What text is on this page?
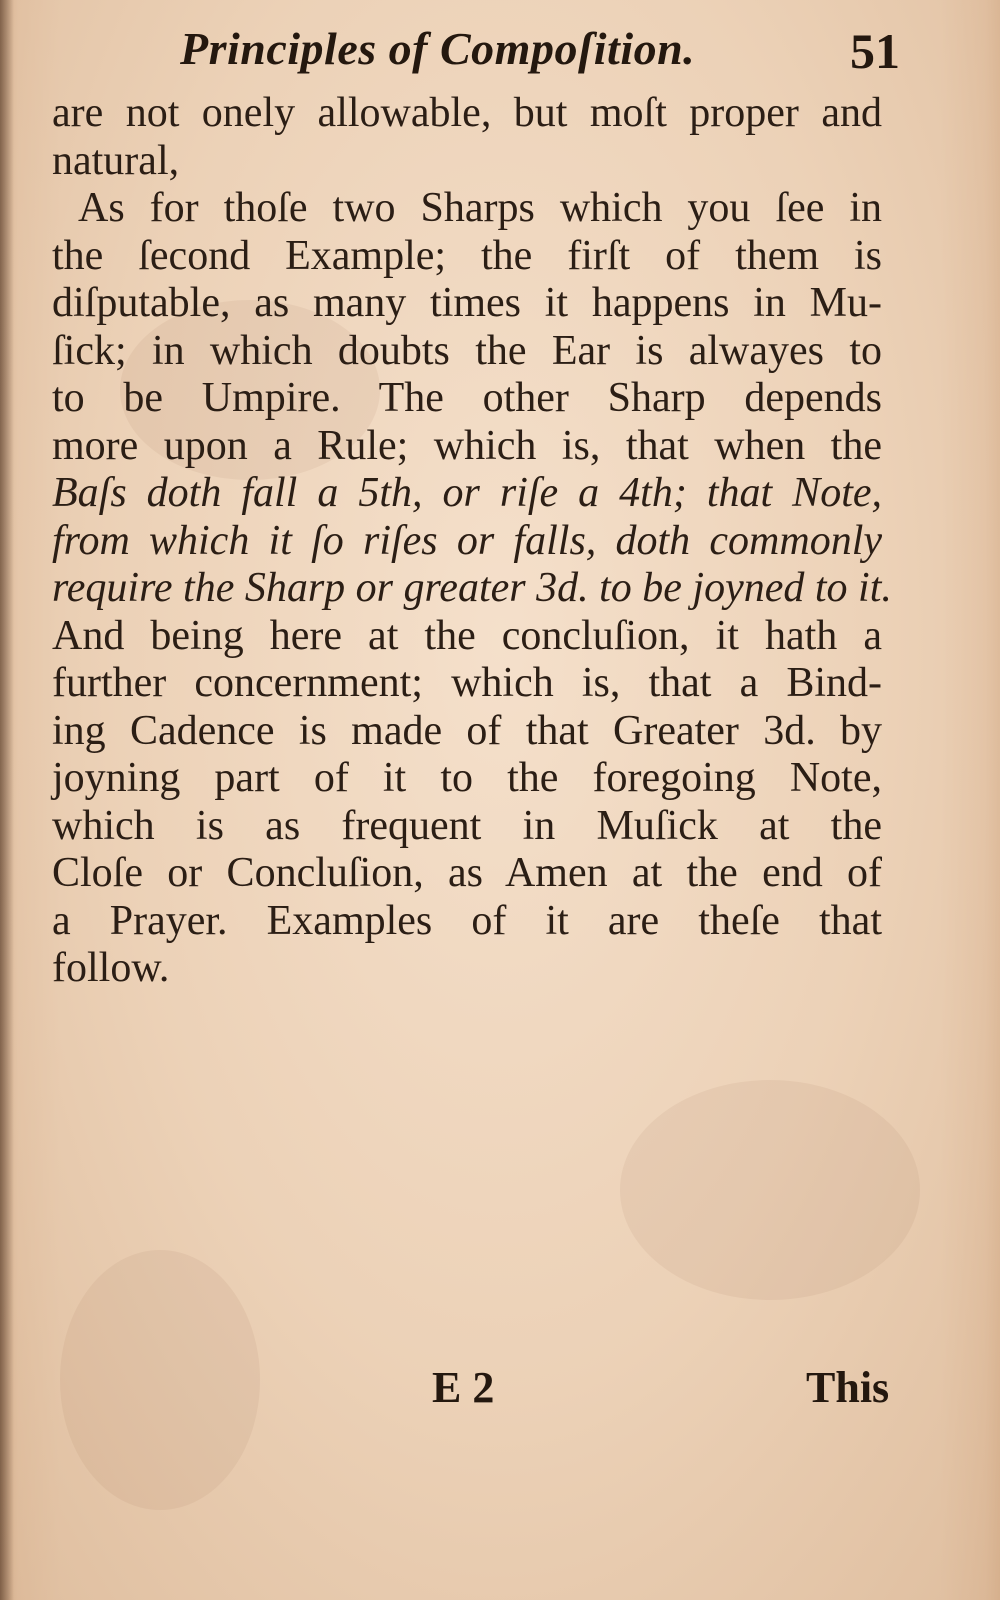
Principles of Compoſition.	51
are not onely allowable, but moſt proper and
natural,
As for thoſe two Sharps which you ſee in
the ſecond Example; the firſt of them is
diſputable, as many times it happens in Mu-
ſick; in which doubts the Ear is alwayes to
to be Umpire. The other Sharp depends
more upon a Rule; which is, that when the
Baſs doth fall a 5th, or riſe a 4th; that Note,
from which it ſo riſes or falls, doth commonly
require the Sharp or greater 3d. to be joyned to it.
And being here at the concluſion, it hath a
further concernment; which is, that a Bind-
ing Cadence is made of that Greater 3d. by
joyning part of it to the foregoing Note,
which is as frequent in Muſick at the
Cloſe or Concluſion, as Amen at the end of
a Prayer. Examples of it are theſe that
follow.
E 2	This
